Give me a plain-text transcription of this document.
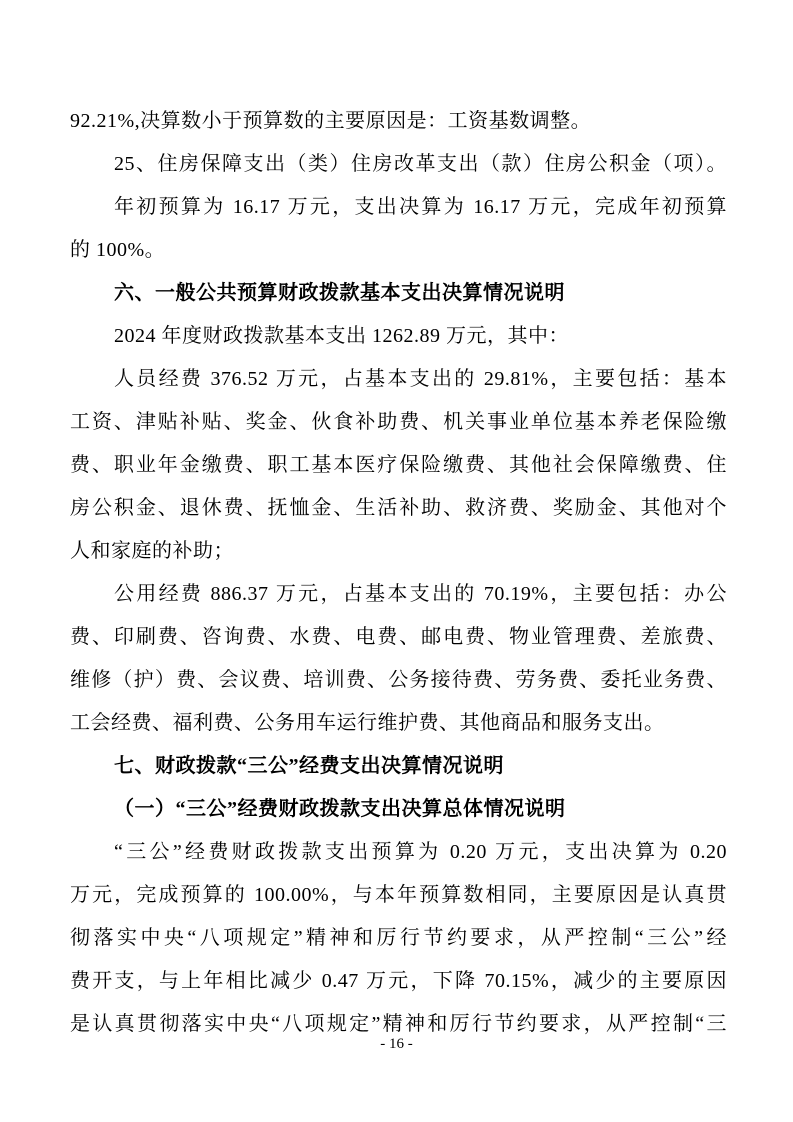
92.21%,决算数小于预算数的主要原因是：工资基数调整。
25、住房保障支出（类）住房改革支出（款）住房公积金（项）。
年初预算为 16.17 万元，支出决算为 16.17 万元，完成年初预算
的 100%。
六、一般公共预算财政拨款基本支出决算情况说明
2024 年度财政拨款基本支出 1262.89 万元，其中：
人员经费 376.52 万元，占基本支出的 29.81%，主要包括：基本
工资、津贴补贴、奖金、伙食补助费、机关事业单位基本养老保险缴
费、职业年金缴费、职工基本医疗保险缴费、其他社会保障缴费、住
房公积金、退休费、抚恤金、生活补助、救济费、奖励金、其他对个
人和家庭的补助；
公用经费 886.37 万元，占基本支出的 70.19%，主要包括：办公
费、印刷费、咨询费、水费、电费、邮电费、物业管理费、差旅费、
维修（护）费、会议费、培训费、公务接待费、劳务费、委托业务费、
工会经费、福利费、公务用车运行维护费、其他商品和服务支出。
七、财政拨款“三公”经费支出决算情况说明
（一）“三公”经费财政拨款支出决算总体情况说明
“三公”经费财政拨款支出预算为 0.20 万元，支出决算为 0.20
万元，完成预算的 100.00%，与本年预算数相同，主要原因是认真贯
彻落实中央“八项规定”精神和厉行节约要求，从严控制“三公”经
费开支，与上年相比减少 0.47 万元，下降 70.15%，减少的主要原因
是认真贯彻落实中央“八项规定”精神和厉行节约要求，从严控制“三
- 16 -
